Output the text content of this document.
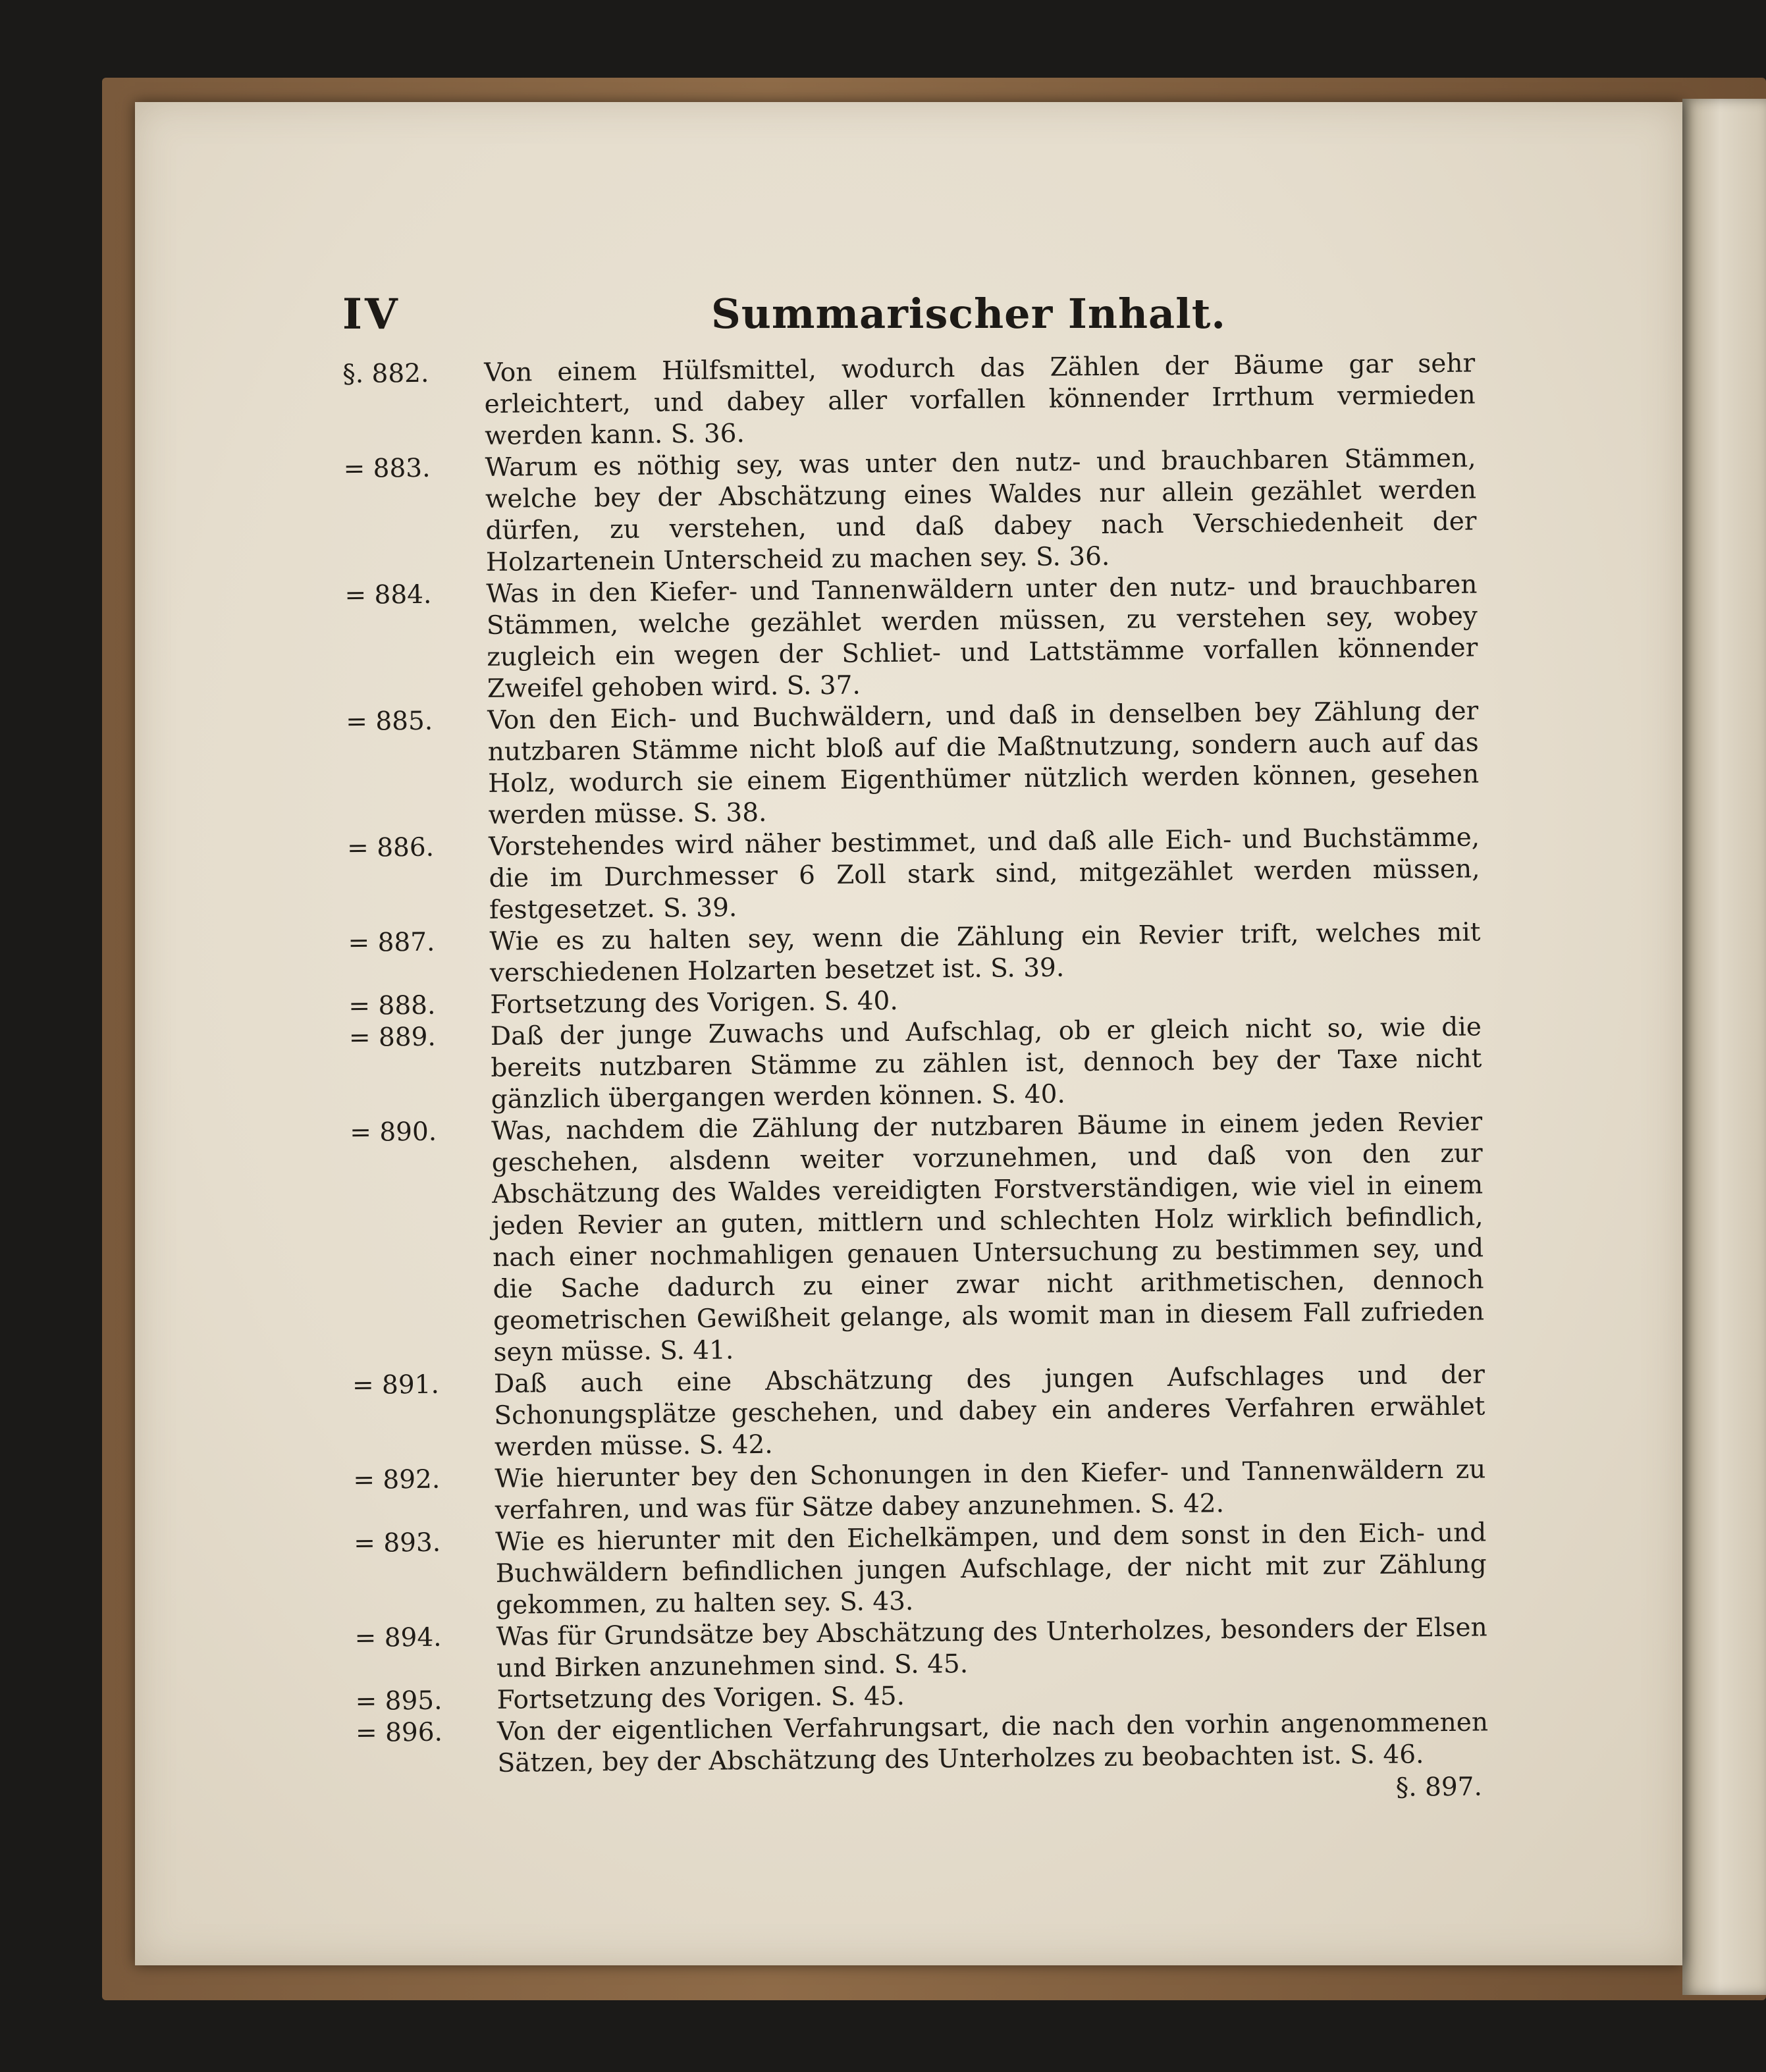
IV	Summarischer Inhalt.
§. 882.	Von einem Hülfsmittel, wodurch das Zählen der Bäume gar sehr erleichtert, und dabey aller vorfallen könnender Irrthum vermieden werden kann. S. 36.
= 883.	Warum es nöthig sey, was unter den nutz- und brauchbaren Stämmen, welche bey der Abschätzung eines Waldes nur allein gezählet werden dürfen, zu verstehen, und daß dabey nach Verschiedenheit der Holzartenein Unterscheid zu machen sey. S. 36.
= 884.	Was in den Kiefer- und Tannenwäldern unter den nutz- und brauchbaren Stämmen, welche gezählet werden müssen, zu verstehen sey, wobey zugleich ein wegen der Schliet- und Lattstämme vorfallen könnender Zweifel gehoben wird. S. 37.
= 885.	Von den Eich- und Buchwäldern, und daß in denselben bey Zählung der nutzbaren Stämme nicht bloß auf die Maßtnutzung, sondern auch auf das Holz, wodurch sie einem Eigenthümer nützlich werden können, gesehen werden müsse. S. 38.
= 886.	Vorstehendes wird näher bestimmet, und daß alle Eich- und Buchstämme, die im Durchmesser 6 Zoll stark sind, mitgezählet werden müssen, festgesetzet. S. 39.
= 887.	Wie es zu halten sey, wenn die Zählung ein Revier trift, welches mit verschiedenen Holzarten besetzet ist. S. 39.
= 888.	Fortsetzung des Vorigen. S. 40.
= 889.	Daß der junge Zuwachs und Aufschlag, ob er gleich nicht so, wie die bereits nutzbaren Stämme zu zählen ist, dennoch bey der Taxe nicht gänzlich übergangen werden können. S. 40.
= 890.	Was, nachdem die Zählung der nutzbaren Bäume in einem jeden Revier geschehen, alsdenn weiter vorzunehmen, und daß von den zur Abschätzung des Waldes vereidigten Forstverständigen, wie viel in einem jeden Revier an guten, mittlern und schlechten Holz wirklich befindlich, nach einer nochmahligen genauen Untersuchung zu bestimmen sey, und die Sache dadurch zu einer zwar nicht arithmetischen, dennoch geometrischen Gewißheit gelange, als womit man in diesem Fall zufrieden seyn müsse. S. 41.
= 891.	Daß auch eine Abschätzung des jungen Aufschlages und der Schonungsplätze geschehen, und dabey ein anderes Verfahren erwählet werden müsse. S. 42.
= 892.	Wie hierunter bey den Schonungen in den Kiefer- und Tannenwäldern zu verfahren, und was für Sätze dabey anzunehmen. S. 42.
= 893.	Wie es hierunter mit den Eichelkämpen, und dem sonst in den Eich- und Buchwäldern befindlichen jungen Aufschlage, der nicht mit zur Zählung gekommen, zu halten sey. S. 43.
= 894.	Was für Grundsätze bey Abschätzung des Unterholzes, besonders der Elsen und Birken anzunehmen sind. S. 45.
= 895.	Fortsetzung des Vorigen. S. 45.
= 896.	Von der eigentlichen Verfahrungsart, die nach den vorhin angenommenen Sätzen, bey der Abschätzung des Unterholzes zu beobachten ist. S. 46.
§. 897.
